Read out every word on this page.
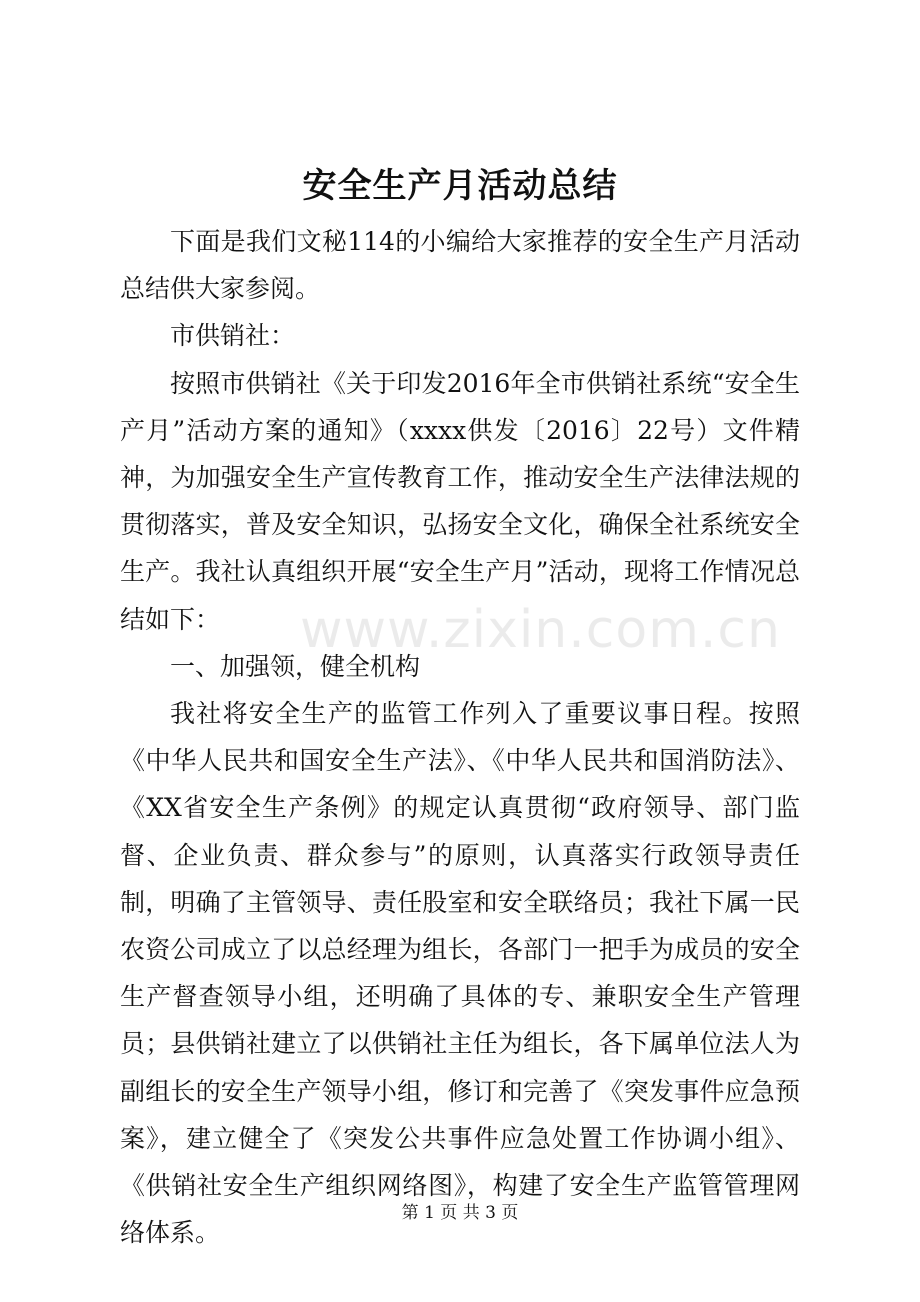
安全生产月活动总结

下面是我们文秘114的小编给大家推荐的安全生产月活动总结供大家参阅。

市供销社：

按照市供销社《关于印发2016年全市供销社系统“安全生产月”活动方案的通知》（xxxx供发〔2016〕22号）文件精神，为加强安全生产宣传教育工作，推动安全生产法律法规的贯彻落实，普及安全知识，弘扬安全文化，确保全社系统安全生产。我社认真组织开展“安全生产月”活动，现将工作情况总结如下：

一、加强领，健全机构

我社将安全生产的监管工作列入了重要议事日程。按照《中华人民共和国安全生产法》、《中华人民共和国消防法》、《XX省安全生产条例》的规定认真贯彻“政府领导、部门监督、企业负责、群众参与”的原则，认真落实行政领导责任制，明确了主管领导、责任股室和安全联络员；我社下属一民农资公司成立了以总经理为组长，各部门一把手为成员的安全生产督查领导小组，还明确了具体的专、兼职安全生产管理员；县供销社建立了以供销社主任为组长，各下属单位法人为副组长的安全生产领导小组，修订和完善了《突发事件应急预案》，建立健全了《突发公共事件应急处置工作协调小组》、《供销社安全生产组织网络图》，构建了安全生产监管管理网络体系。

www.zixin.com.cn
第 1 页 共 3 页
